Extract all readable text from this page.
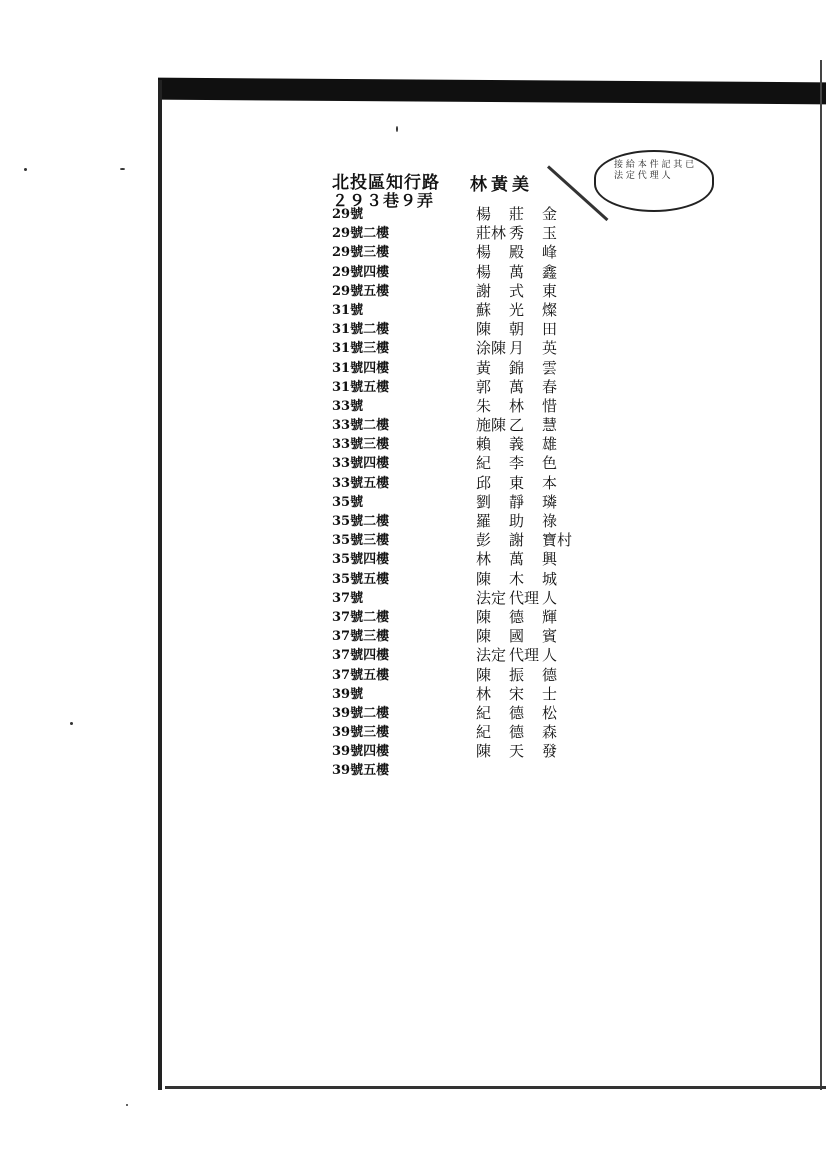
北投區知行路
２９３巷９弄
林黃美
接 給 本 件 記 其 已
法 定 代 理 人
29號
29號二樓
29號三樓
29號四樓
29號五樓
31號
31號二樓
31號三樓
31號四樓
31號五樓
33號
33號二樓
33號三樓
33號四樓
33號五樓
35號
35號二樓
35號三樓
35號四樓
35號五樓
37號
37號二樓
37號三樓
37號四樓
37號五樓
39號
39號二樓
39號三樓
39號四樓
39號五樓
楊 莊 金
莊林 秀 玉
楊 殿 峰
楊 萬 鑫
謝 式 東
蘇 光 燦
陳 朝 田
涂陳 月 英
黃 錦 雲
郭 萬 春
朱 林 惜
施陳 乙 慧
賴 義 雄
紀 李 色
邱 東 本
劉 靜 璘
羅 助 祿
彭 謝 寶村
林 萬 興
陳 木 城
法定 代理 人
陳 德 輝
陳 國 賓
法定 代理 人
陳 振 德
林 宋 士
紀 德 松
紀 德 森
陳 天 發
